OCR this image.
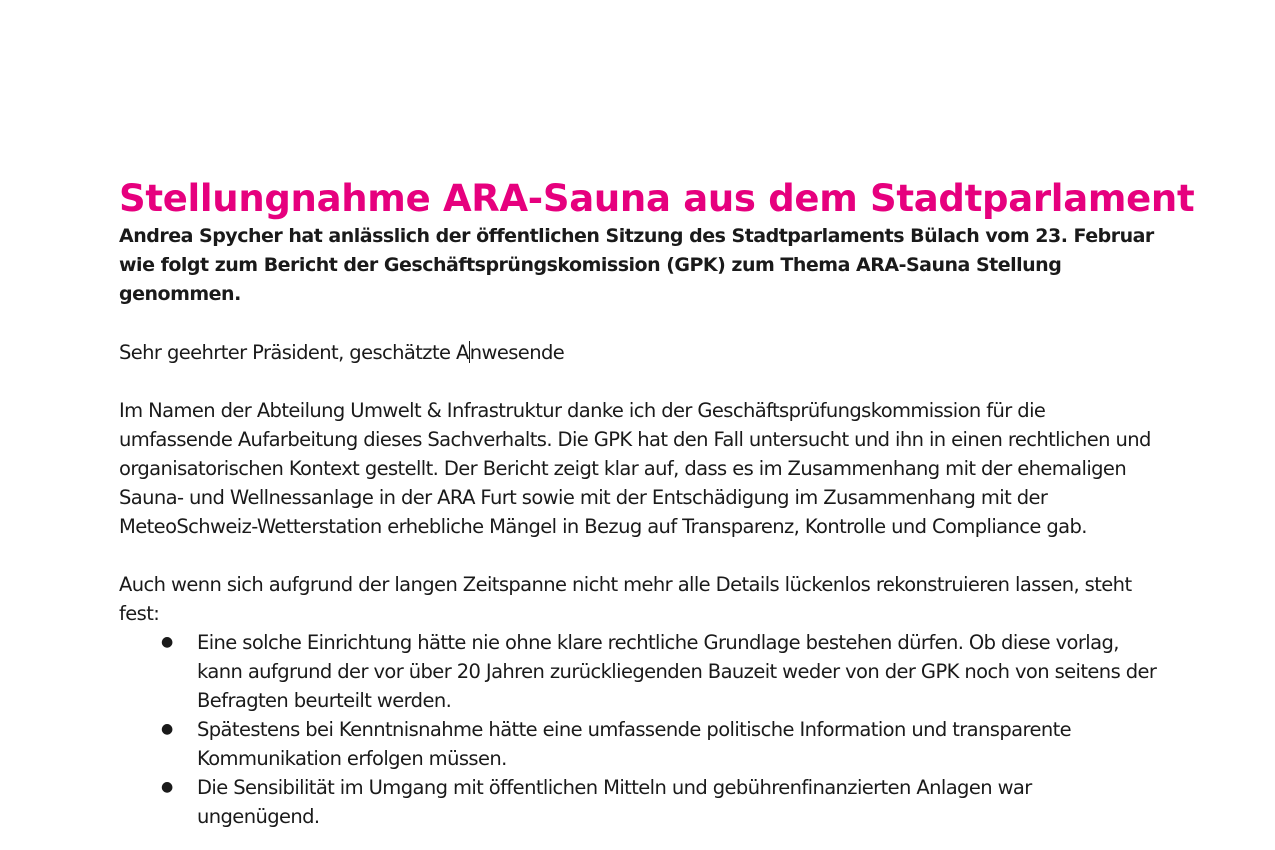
Stellungnahme ARA-Sauna aus dem Stadtparlament

Andrea Spycher hat anlässlich der öffentlichen Sitzung des Stadtparlaments Bülach vom 23. Februar wie folgt zum Bericht der Geschäftsprüngskomission (GPK) zum Thema ARA-Sauna Stellung genommen.

Sehr geehrter Präsident, geschätzte Anwesende

Im Namen der Abteilung Umwelt & Infrastruktur danke ich der Geschäftsprüfungskommission für die umfassende Aufarbeitung dieses Sachverhalts. Die GPK hat den Fall untersucht und ihn in einen rechtlichen und organisatorischen Kontext gestellt. Der Bericht zeigt klar auf, dass es im Zusammenhang mit der ehemaligen Sauna- und Wellnessanlage in der ARA Furt sowie mit der Entschädigung im Zusammenhang mit der MeteoSchweiz-Wetterstation erhebliche Mängel in Bezug auf Transparenz, Kontrolle und Compliance gab.

Auch wenn sich aufgrund der langen Zeitspanne nicht mehr alle Details lückenlos rekonstruieren lassen, steht fest:

● Eine solche Einrichtung hätte nie ohne klare rechtliche Grundlage bestehen dürfen. Ob diese vorlag, kann aufgrund der vor über 20 Jahren zurückliegenden Bauzeit weder von der GPK noch von seitens der Befragten beurteilt werden.
● Spätestens bei Kenntnisnahme hätte eine umfassende politische Information und transparente Kommunikation erfolgen müssen.
● Die Sensibilität im Umgang mit öffentlichen Mitteln und gebührenfinanzierten Anlagen war ungenügend.
